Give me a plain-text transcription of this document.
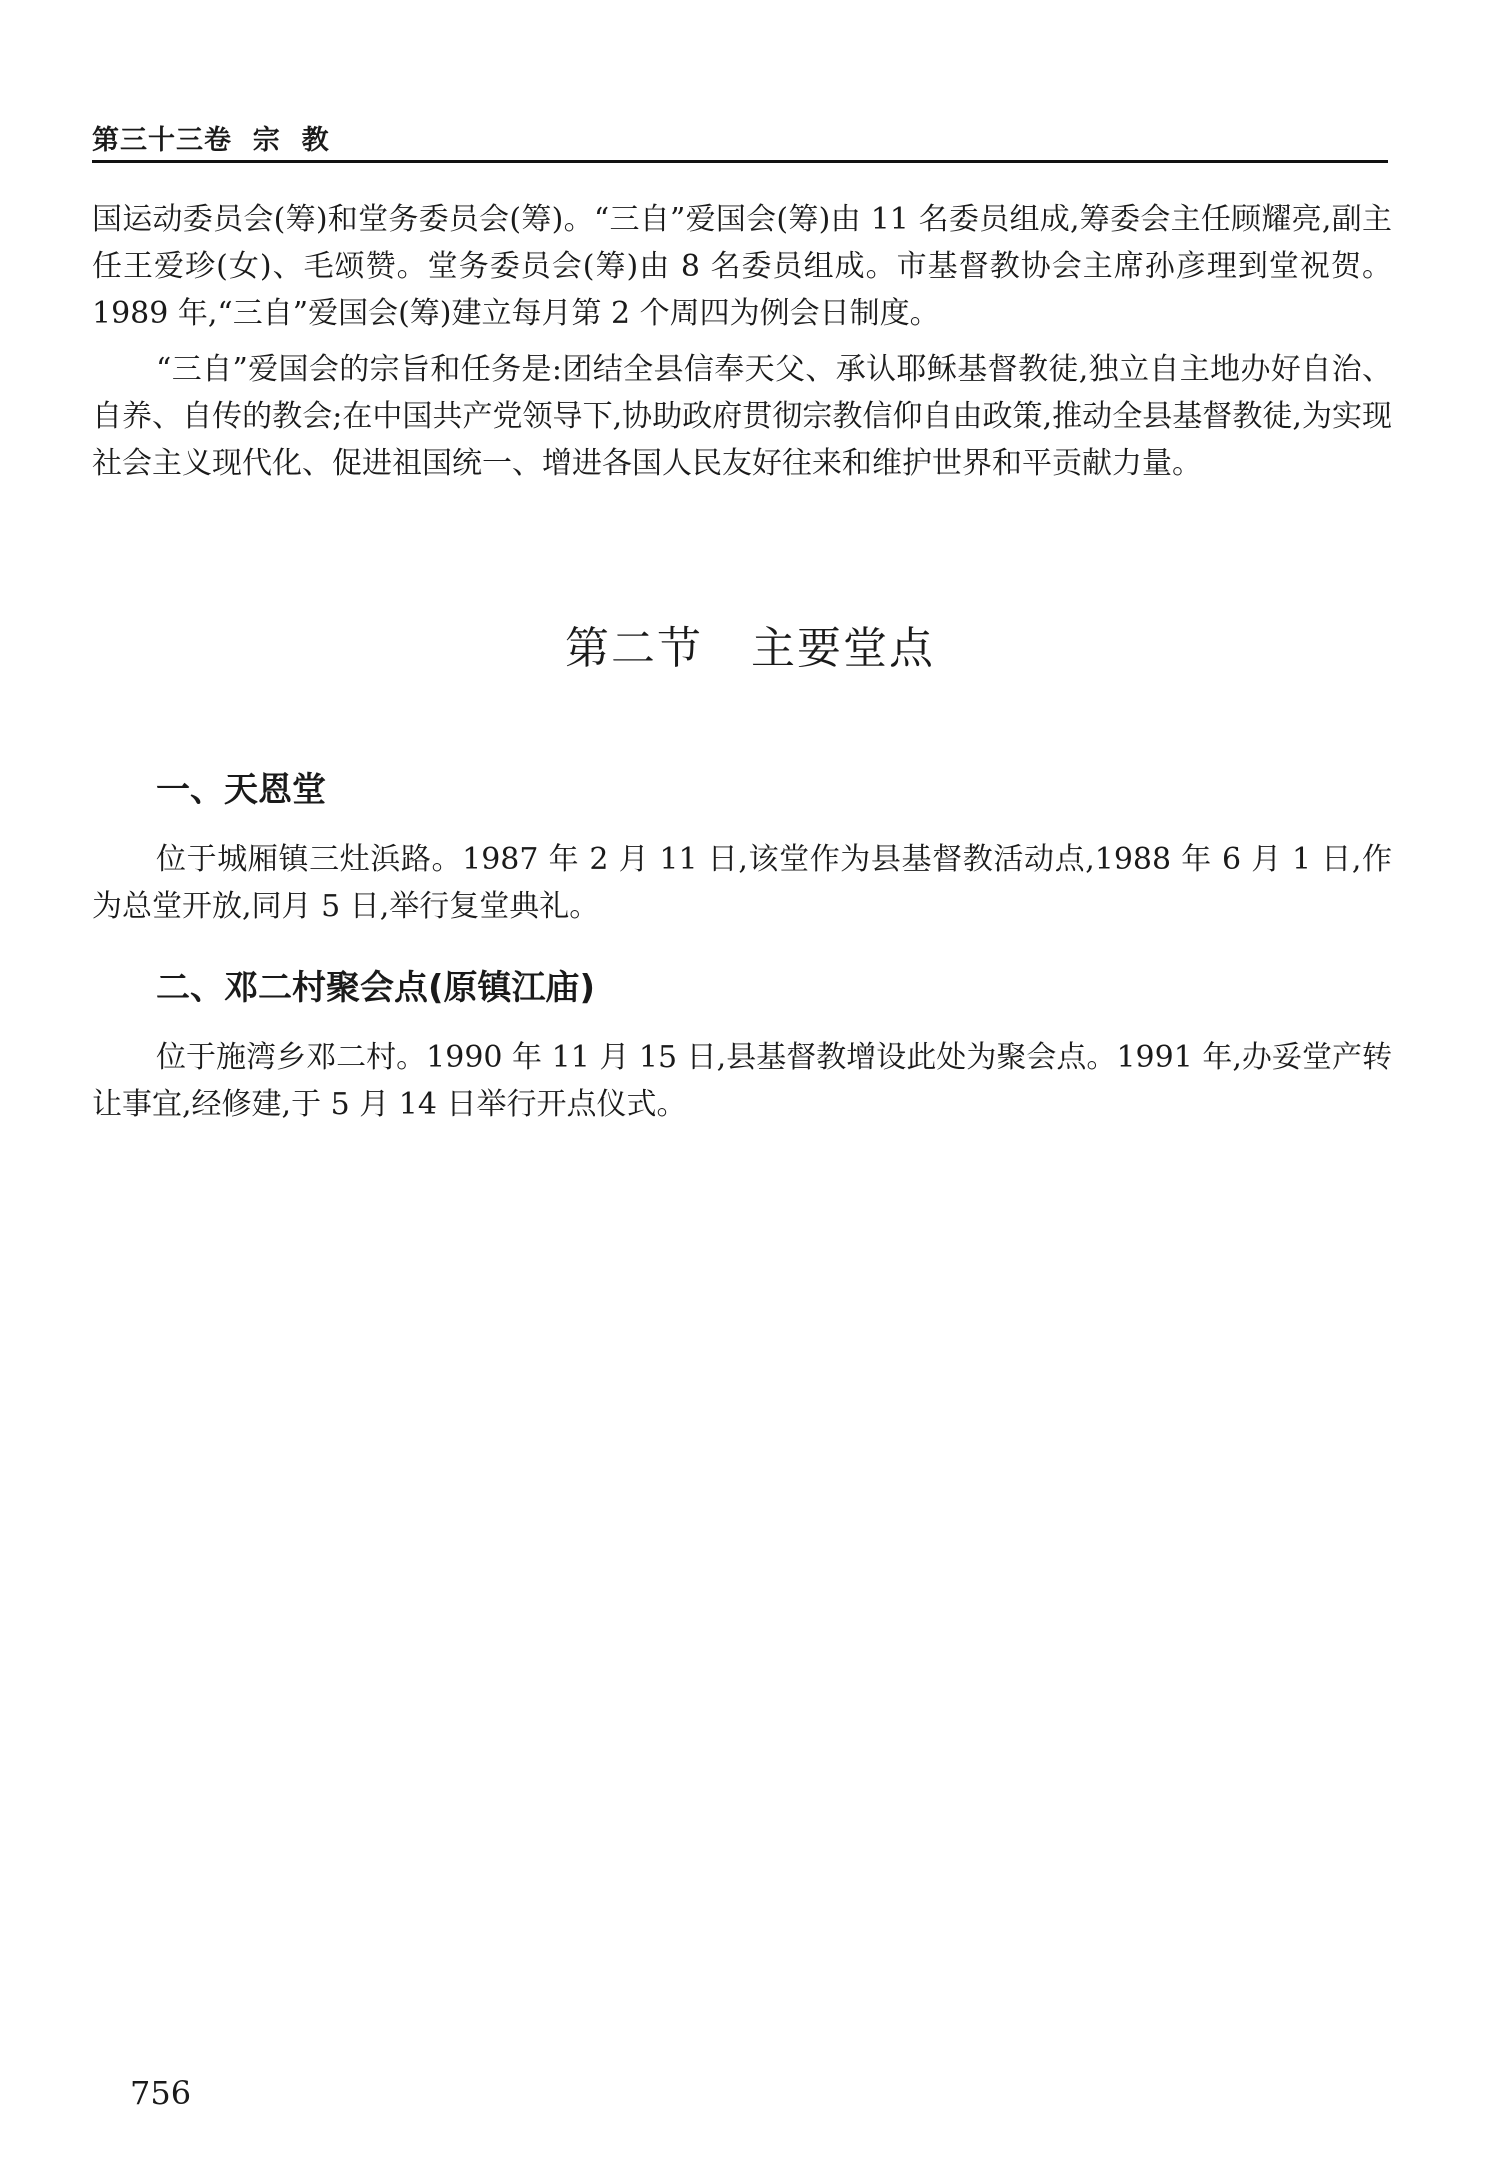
第三十三卷  宗  教

国运动委员会(筹)和堂务委员会(筹)。“三自”爱国会(筹)由 11 名委员组成,筹委会主任顾耀亮,副主任王爱珍(女)、毛颂赞。堂务委员会(筹)由 8 名委员组成。市基督教协会主席孙彦理到堂祝贺。1989 年,“三自”爱国会(筹)建立每月第 2 个周四为例会日制度。

“三自”爱国会的宗旨和任务是:团结全县信奉天父、承认耶稣基督教徒,独立自主地办好自治、自养、自传的教会;在中国共产党领导下,协助政府贯彻宗教信仰自由政策,推动全县基督教徒,为实现社会主义现代化、促进祖国统一、增进各国人民友好往来和维护世界和平贡献力量。

第二节   主要堂点
一、天恩堂

位于城厢镇三灶浜路。1987 年 2 月 11 日,该堂作为县基督教活动点,1988 年 6 月 1 日,作为总堂开放,同月 5 日,举行复堂典礼。

二、邓二村聚会点(原镇江庙)

位于施湾乡邓二村。1990 年 11 月 15 日,县基督教增设此处为聚会点。1991 年,办妥堂产转让事宜,经修建,于 5 月 14 日举行开点仪式。

756
